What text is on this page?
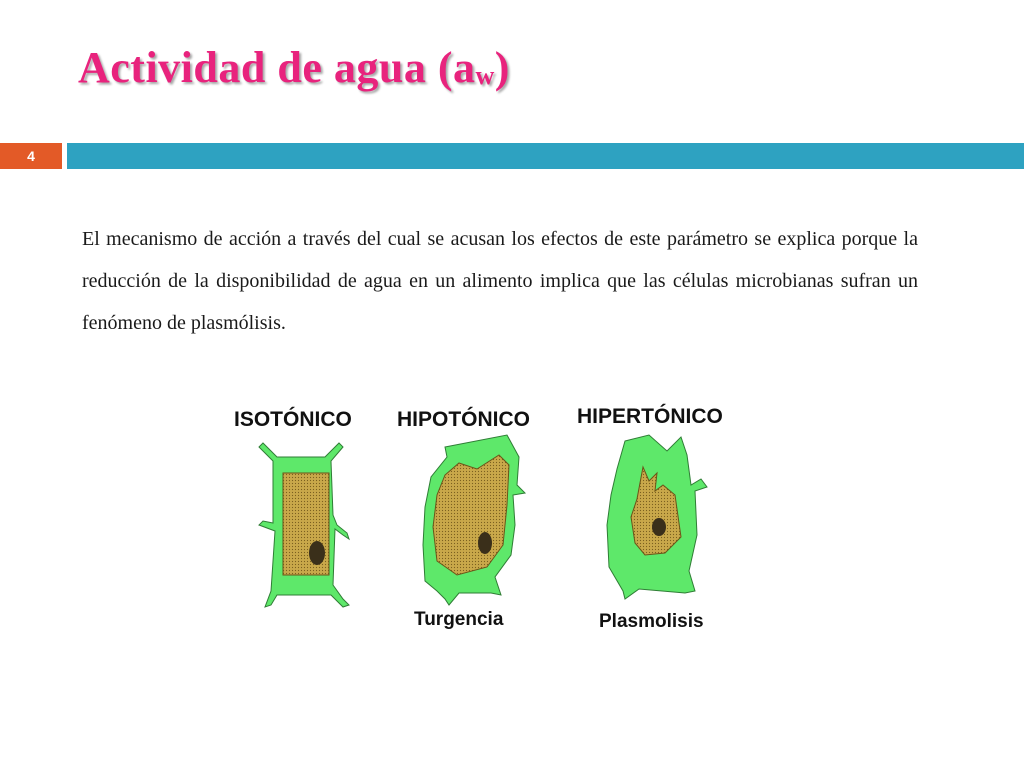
Actividad de agua $(a_w)$
4

El mecanismo de acción a través del cual se acusan los efectos de este parámetro se explica porque la reducción de la disponibilidad de agua en un alimento implica que las células microbianas sufran un fenómeno de plasmólisis.

ISOTÓNICO HIPOTÓNICO HIPERTÓNICO
Turgencia	Plasmolisis
